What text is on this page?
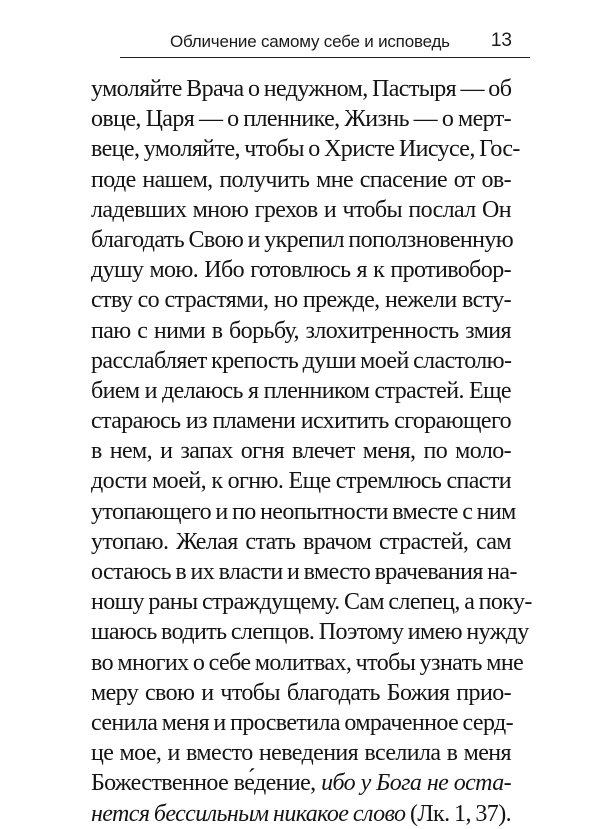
Обличение самому себе и исповедь 13
умоляйте Врача о недужном, Пастыря — об
овце, Царя — о пленнике, Жизнь — о мерт-
веце, умоляйте, чтобы о Христе Иисусе, Гос-
поде нашем, получить мне спасение от ов-
ладевших мною грехов и чтобы послал Он
благодать Свою и укрепил поползновенную
душу мою. Ибо готовлюсь я к противобор-
ству со страстями, но прежде, нежели всту-
паю с ними в борьбу, злохитренность змия
расслабляет крепость души моей сластолю-
бием и делаюсь я пленником страстей. Еще
стараюсь из пламени исхитить сгорающего
в нем, и запах огня влечет меня, по моло-
дости моей, к огню. Еще стремлюсь спасти
утопающего и по неопытности вместе с ним
утопаю. Желая стать врачом страстей, сам
остаюсь в их власти и вместо врачевания на-
ношу раны страждущему. Сам слепец, а поку-
шаюсь водить слепцов. Поэтому имею нужду
во многих о себе молитвах, чтобы узнать мне
меру свою и чтобы благодать Божия прио-
сенила меня и просветила омраченное серд-
це мое, и вместо неведения вселила в меня
Божественное ве́дение, ибо у Бога не оста-
нется бессильным никакое слово (Лк. 1, 37).
